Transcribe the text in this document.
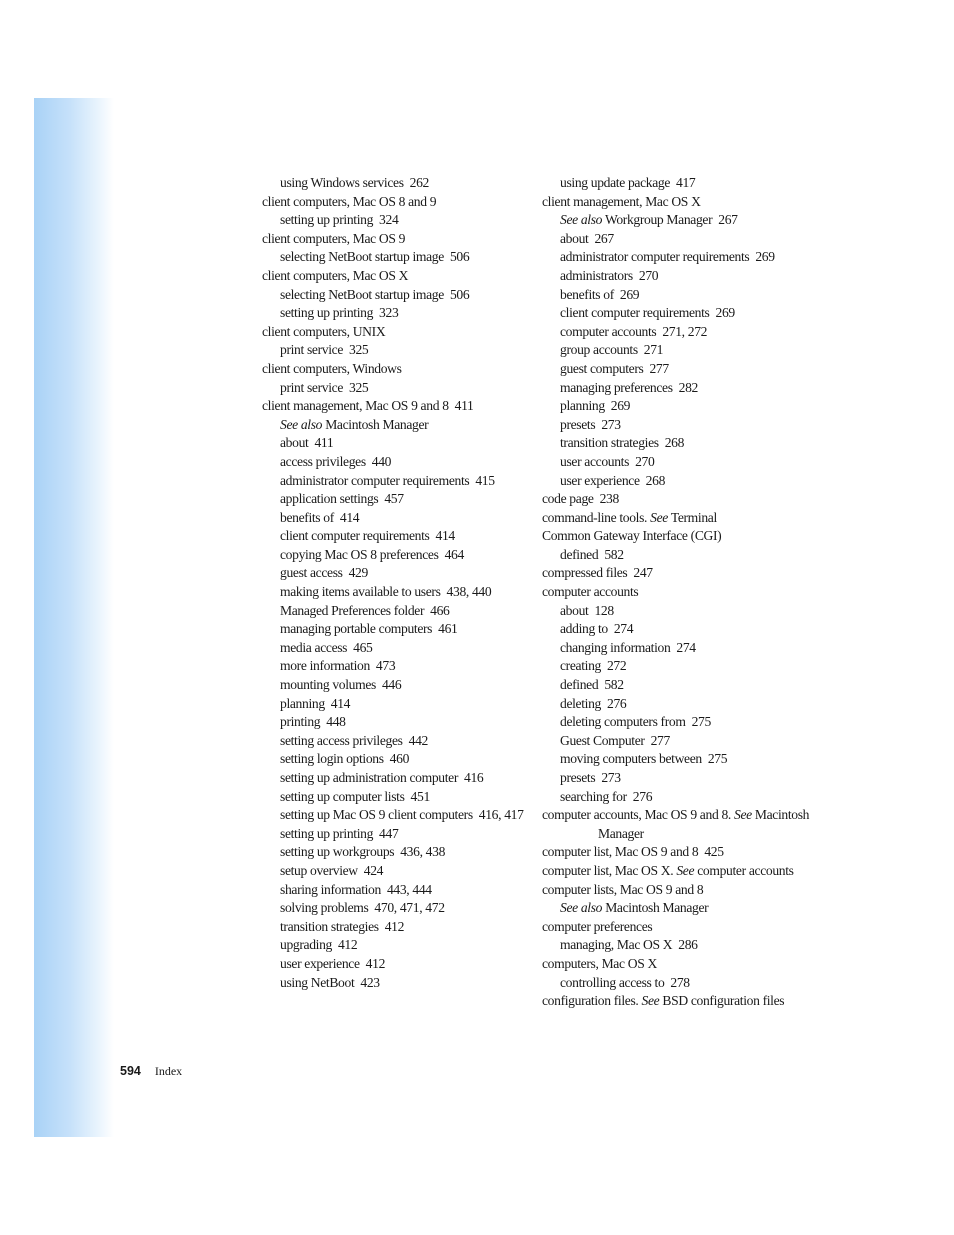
using Windows services 262
client computers, Mac OS 8 and 9
setting up printing 324
client computers, Mac OS 9
selecting NetBoot startup image 506
client computers, Mac OS X
selecting NetBoot startup image 506
setting up printing 323
client computers, UNIX
print service 325
client computers, Windows
print service 325
client management, Mac OS 9 and 8 411
See also Macintosh Manager
about 411
access privileges 440
administrator computer requirements 415
application settings 457
benefits of 414
client computer requirements 414
copying Mac OS 8 preferences 464
guest access 429
making items available to users 438, 440
Managed Preferences folder 466
managing portable computers 461
media access 465
more information 473
mounting volumes 446
planning 414
printing 448
setting access privileges 442
setting login options 460
setting up administration computer 416
setting up computer lists 451
setting up Mac OS 9 client computers 416, 417
setting up printing 447
setting up workgroups 436, 438
setup overview 424
sharing information 443, 444
solving problems 470, 471, 472
transition strategies 412
upgrading 412
user experience 412
using NetBoot 423
using update package 417
client management, Mac OS X
See also Workgroup Manager 267
about 267
administrator computer requirements 269
administrators 270
benefits of 269
client computer requirements 269
computer accounts 271, 272
group accounts 271
guest computers 277
managing preferences 282
planning 269
presets 273
transition strategies 268
user accounts 270
user experience 268
code page 238
command-line tools. See Terminal
Common Gateway Interface (CGI)
defined 582
compressed files 247
computer accounts
about 128
adding to 274
changing information 274
creating 272
defined 582
deleting 276
deleting computers from 275
Guest Computer 277
moving computers between 275
presets 273
searching for 276
computer accounts, Mac OS 9 and 8. See Macintosh Manager
computer list, Mac OS 9 and 8 425
computer list, Mac OS X. See computer accounts
computer lists, Mac OS 9 and 8
See also Macintosh Manager
computer preferences
managing, Mac OS X 286
computers, Mac OS X
controlling access to 278
configuration files. See BSD configuration files
594 Index
